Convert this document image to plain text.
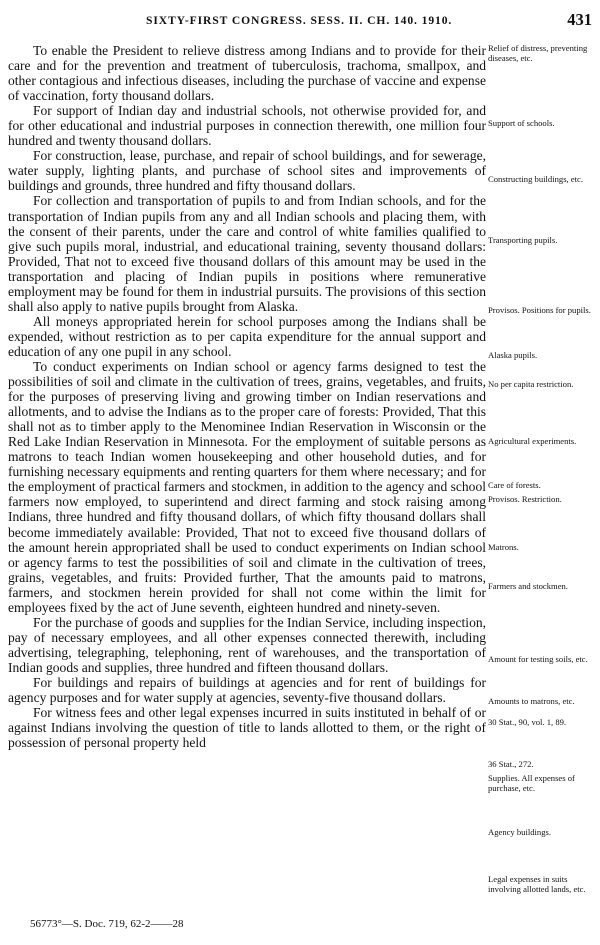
SIXTY-FIRST CONGRESS. SESS. II. CH. 140. 1910.	431

To enable the President to relieve distress among Indians and to provide for their care and for the prevention and treatment of tuberculosis, trachoma, smallpox, and other contagious and infectious diseases, including the purchase of vaccine and expense of vaccination, forty thousand dollars.

For support of Indian day and industrial schools, not otherwise provided for, and for other educational and industrial purposes in connection therewith, one million four hundred and twenty thousand dollars.

For construction, lease, purchase, and repair of school buildings, and for sewerage, water supply, lighting plants, and purchase of school sites and improvements of buildings and grounds, three hundred and fifty thousand dollars.

For collection and transportation of pupils to and from Indian schools, and for the transportation of Indian pupils from any and all Indian schools and placing them, with the consent of their parents, under the care and control of white families qualified to give such pupils moral, industrial, and educational training, seventy thousand dollars: Provided, That not to exceed five thousand dollars of this amount may be used in the transportation and placing of Indian pupils in positions where remunerative employment may be found for them in industrial pursuits. The provisions of this section shall also apply to native pupils brought from Alaska.

All moneys appropriated herein for school purposes among the Indians shall be expended, without restriction as to per capita expenditure for the annual support and education of any one pupil in any school.

To conduct experiments on Indian school or agency farms designed to test the possibilities of soil and climate in the cultivation of trees, grains, vegetables, and fruits, for the purposes of preserving living and growing timber on Indian reservations and allotments, and to advise the Indians as to the proper care of forests: Provided, That this shall not as to timber apply to the Menominee Indian Reservation in Wisconsin or the Red Lake Indian Reservation in Minnesota. For the employment of suitable persons as matrons to teach Indian women housekeeping and other household duties, and for furnishing necessary equipments and renting quarters for them where necessary; and for the employment of practical farmers and stockmen, in addition to the agency and school farmers now employed, to superintend and direct farming and stock raising among Indians, three hundred and fifty thousand dollars, of which fifty thousand dollars shall become immediately available: Provided, That not to exceed five thousand dollars of the amount herein appropriated shall be used to conduct experiments on Indian school or agency farms to test the possibilities of soil and climate in the cultivation of trees, grains, vegetables, and fruits: Provided further, That the amounts paid to matrons, farmers, and stockmen herein provided for shall not come within the limit for employees fixed by the act of June seventh, eighteen hundred and ninety-seven.

For the purchase of goods and supplies for the Indian Service, including inspection, pay of necessary employees, and all other expenses connected therewith, including advertising, telegraphing, telephoning, rent of warehouses, and the transportation of Indian goods and supplies, three hundred and fifteen thousand dollars.

For buildings and repairs of buildings at agencies and for rent of buildings for agency purposes and for water supply at agencies, seventy-five thousand dollars.

For witness fees and other legal expenses incurred in suits instituted in behalf of or against Indians involving the question of title to lands allotted to them, or the right of possession of personal property held

Relief of distress, preventing diseases, etc.
Support of schools.
Constructing buildings, etc.
Transporting pupils.
Provisos. Positions for pupils.
Alaska pupils.
No per capita restriction.
Agricultural experiments.
Care of forests.
Provisos. Restriction.
Matrons.
Farmers and stockmen.
Amount for testing soils, etc.
Amounts to matrons, etc.
30 Stat., 90, vol. 1, 89.
36 Stat., 272.
Supplies. All expenses of purchase, etc.
Agency buildings.
Legal expenses in suits involving allotted lands, etc.
56773°—S. Doc. 719, 62-2——28
